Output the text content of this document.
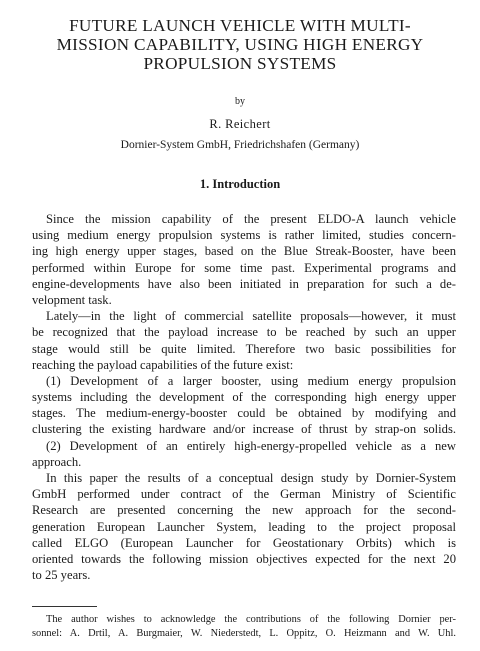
FUTURE LAUNCH VEHICLE WITH MULTI-
MISSION CAPABILITY, USING HIGH ENERGY
PROPULSION SYSTEMS
by
R. Reichert
Dornier-System GmbH, Friedrichshafen (Germany)
1. Introduction
Since the mission capability of the present ELDO-A launch vehicle
using medium energy propulsion systems is rather limited, studies concern-
ing high energy upper stages, based on the Blue Streak-Booster, have been
performed within Europe for some time past. Experimental programs and
engine-developments have also been initiated in preparation for such a de-
velopment task.
Lately—in the light of commercial satellite proposals—however, it must
be recognized that the payload increase to be reached by such an upper
stage would still be quite limited. Therefore two basic possibilities for
reaching the payload capabilities of the future exist:
(1) Development of a larger booster, using medium energy propulsion
systems including the development of the corresponding high energy upper
stages. The medium-energy-booster could be obtained by modifying and
clustering the existing hardware and/or increase of thrust by strap-on solids.
(2) Development of an entirely high-energy-propelled vehicle as a new
approach.
In this paper the results of a conceptual design study by Dornier-System
GmbH performed under contract of the German Ministry of Scientific
Research are presented concerning the new approach for the second-
generation European Launcher System, leading to the project proposal
called ELGO (European Launcher for Geostationary Orbits) which is
oriented towards the following mission objectives expected for the next 20
to 25 years.
The author wishes to acknowledge the contributions of the following Dornier per-
sonnel: A. Drtil, A. Burgmaier, W. Niederstedt, L. Oppitz, O. Heizmann and W. Uhl.
